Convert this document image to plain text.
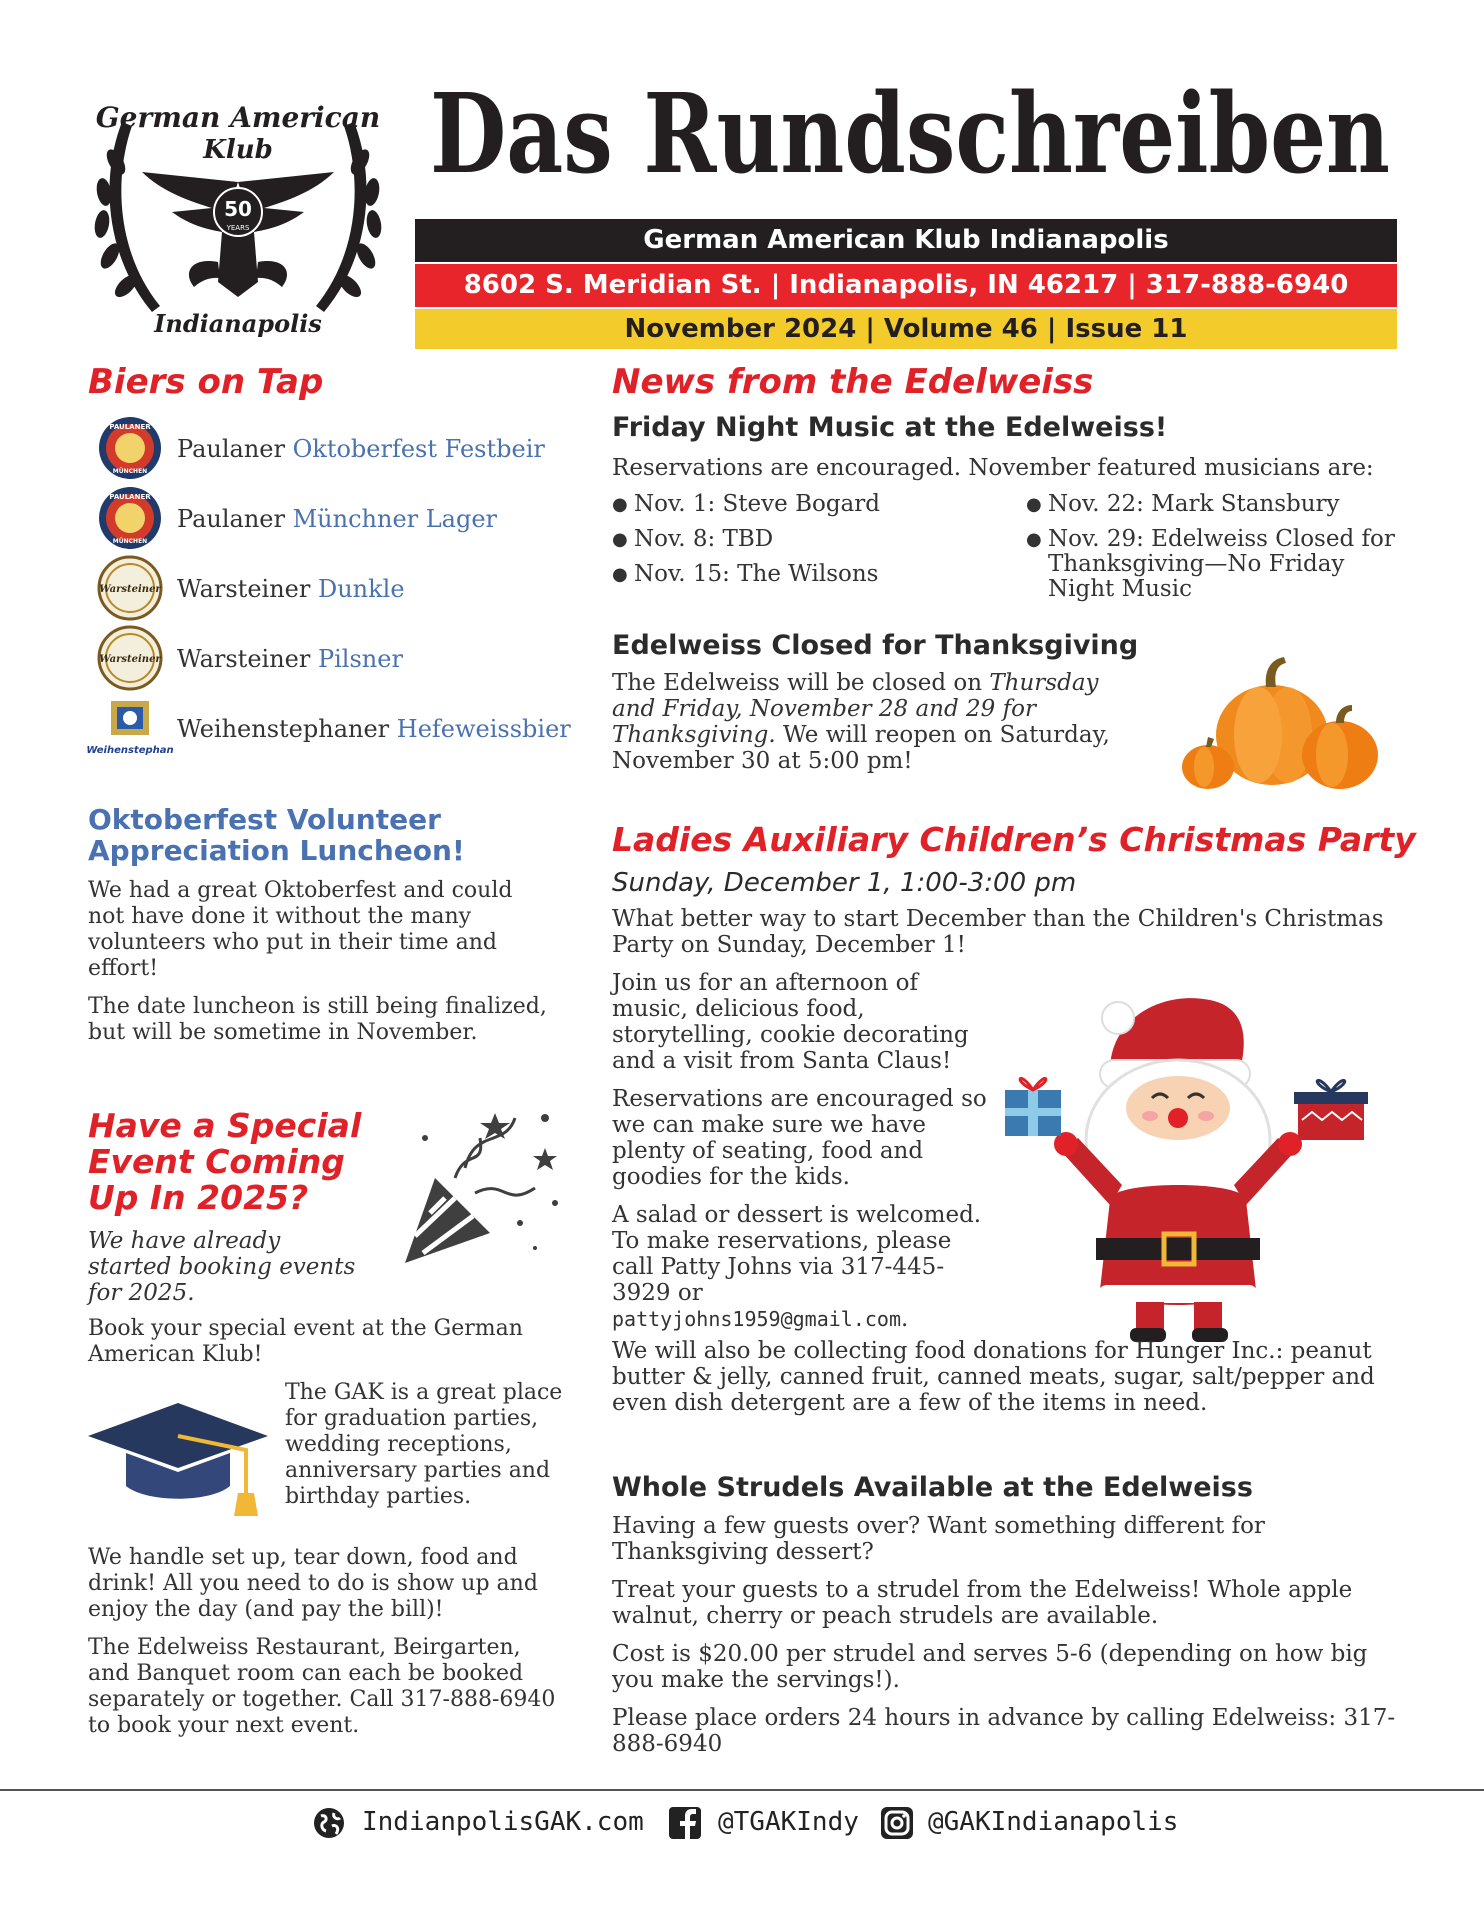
50
YEARS
German American
Klub
Indianapolis
Das Rundschreiben
German American Klub Indianapolis
8602 S. Meridian St. | Indianapolis, IN 46217 | 317-888-6940
November 2024 | Volume 46 | Issue 11
Biers on Tap
PAULANER
MÜNCHEN
Paulaner Oktoberfest Festbeir
PAULANER
MÜNCHEN
Paulaner Münchner Lager
Warsteiner Warsteiner Dunkle
Warsteiner Warsteiner Pilsner
Weihenstephan
Weihenstephaner Hefeweissbier
Oktoberfest Volunteer Appreciation Luncheon!

We had a great Oktoberfest and could not have done it without the many volunteers who put in their time and effort!

The date luncheon is still being finalized, but will be sometime in November.

Have a Special Event Coming Up In 2025?
We have already started booking events for 2025.
Book your special event at the German American Klub!
The GAK is a great place for graduation parties, wedding receptions, anniversary parties and birthday parties.

We handle set up, tear down, food and drink! All you need to do is show up and enjoy the day (and pay the bill)!

The Edelweiss Restaurant, Beirgarten, and Banquet room can each be booked separately or together. Call 317-888-6940 to book your next event.

News from the Edelweiss
Friday Night Music at the Edelweiss!
Reservations are encouraged. November featured musicians are:
● Nov. 1: Steve Bogard
● Nov. 8: TBD
● Nov. 15: The Wilsons
● Nov. 22: Mark Stansbury
● Nov. 29: Edelweiss Closed for Thanksgiving—No Friday Night Music
Edelweiss Closed for Thanksgiving
The Edelweiss will be closed on Thursday and Friday, November 28 and 29 for Thanksgiving. We will reopen on Saturday, November 30 at 5:00 pm!
Ladies Auxiliary Children’s Christmas Party
Sunday, December 1, 1:00-3:00 pm
What better way to start December than the Children's Christmas Party on Sunday, December 1!

Join us for an afternoon of music, delicious food, storytelling, cookie decorating and a visit from Santa Claus!

Reservations are encouraged so we can make sure we have plenty of seating, food and goodies for the kids.

A salad or dessert is welcomed. To make reservations, please call Patty Johns via 317-445-3929 or pattyjohns1959@gmail.com.

We will also be collecting food donations for Hunger Inc.: peanut butter & jelly, canned fruit, canned meats, sugar, salt/pepper and even dish detergent are a few of the items in need.
Whole Strudels Available at the Edelweiss

Having a few guests over? Want something different for Thanksgiving dessert?

Treat your guests to a strudel from the Edelweiss! Whole apple walnut, cherry or peach strudels are available.

Cost is $20.00 per strudel and serves 5-6 (depending on how big you make the servings!).

Please place orders 24 hours in advance by calling Edelweiss: 317-888-6940

IndianpolisGAK.com	@TGAKIndy	@GAKIndianapolis
